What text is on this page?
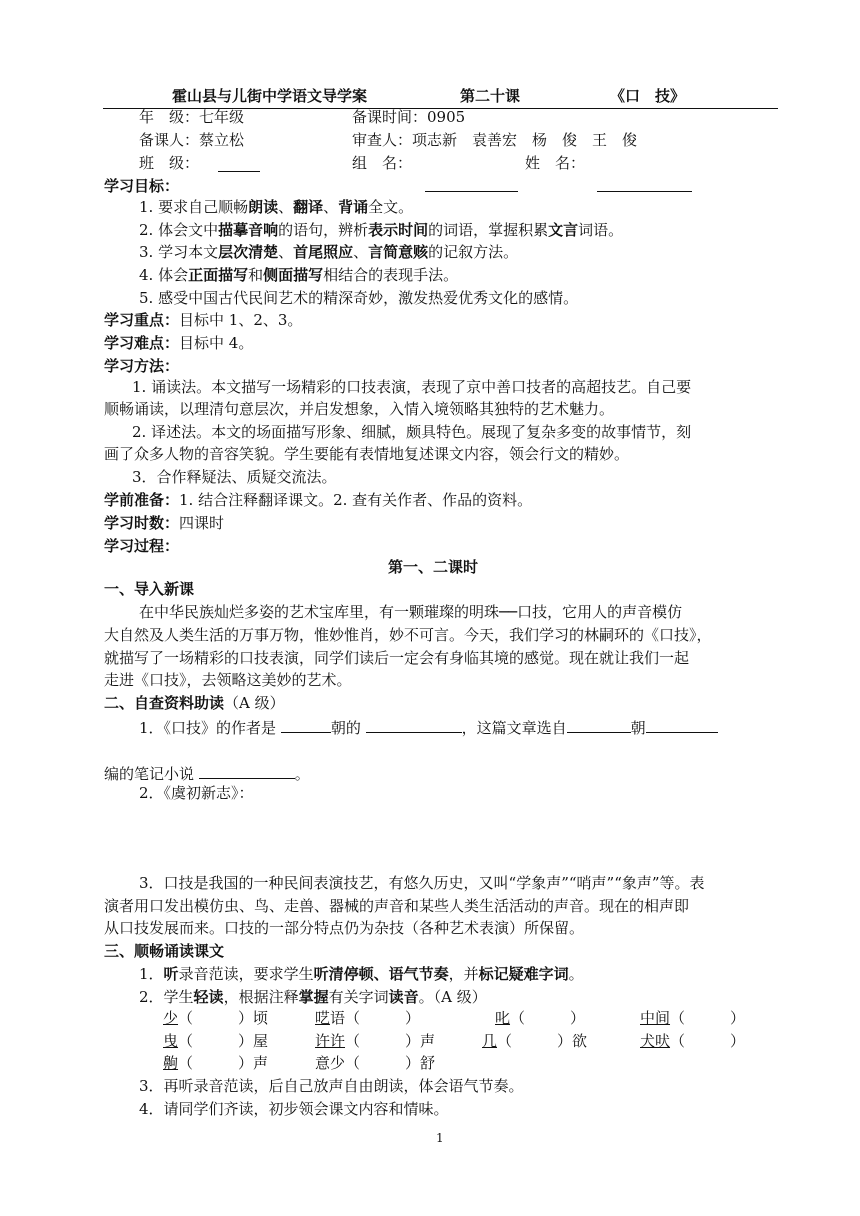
霍山县与儿街中学语文导学案	第二十课	《口　技》
年　级：七年级	备课时间：0905
备课人：蔡立松	审查人：项志新　袁善宏　杨　俊　王　俊
班　级：	组　名：	姓　名：
学习目标：
1. 要求自己顺畅朗读、翻译、背诵全文。
2. 体会文中描摹音响的语句，辨析表示时间的词语，掌握积累文言词语。
3. 学习本文层次清楚、首尾照应、言简意赅的记叙方法。
4. 体会正面描写和侧面描写相结合的表现手法。
5. 感受中国古代民间艺术的精深奇妙，激发热爱优秀文化的感情。
学习重点：目标中 1、2、3。
学习难点：目标中 4。
学习方法：
1. 诵读法。本文描写一场精彩的口技表演，表现了京中善口技者的高超技艺。自己要
顺畅诵读，以理清句意层次，并启发想象，入情入境领略其独特的艺术魅力。
2. 译述法。本文的场面描写形象、细腻，颇具特色。展现了复杂多变的故事情节，刻
画了众多人物的音容笑貌。学生要能有表情地复述课文内容，领会行文的精妙。
3．合作释疑法、质疑交流法。
学前准备：1. 结合注释翻译课文。2. 查有关作者、作品的资料。
学习时数：四课时
学习过程：
第一、二课时
一、导入新课
在中华民族灿烂多姿的艺术宝库里，有一颗璀璨的明珠──口技，它用人的声音模仿
大自然及人类生活的万事万物，惟妙惟肖，妙不可言。今天，我们学习的林嗣环的《口技》，
就描写了一场精彩的口技表演，同学们读后一定会有身临其境的感觉。现在就让我们一起
走进《口技》，去领略这美妙的艺术。
二、自查资料助读（A 级）
1．《口技》的作者是	朝的	，这篇文章选自	朝
编的笔记小说	。
2．《虞初新志》：
3．口技是我国的一种民间表演技艺，有悠久历史，又叫“学象声”“哨声”“象声”等。表
演者用口发出模仿虫、鸟、走兽、器械的声音和某些人类生活活动的声音。现在的相声即
从口技发展而来。口技的一部分特点仍为杂技（各种艺术表演）所保留。
三、顺畅诵读课文
1．听录音范读，要求学生听清停顿、语气节奏，并标记疑难字词。
2．学生轻读，根据注释掌握有关字词读音。（A 级）
少（　　　）顷	呓语（　　　）	叱（　　　）	中间（　　　）
曳（　　　）屋	许许（　　　）声	几（　　　）欲	犬吠（　　　）
齁（　　　）声	意少（　　　）舒
3．再听录音范读，后自己放声自由朗读，体会语气节奏。
4．请同学们齐读，初步领会课文内容和情味。
1
